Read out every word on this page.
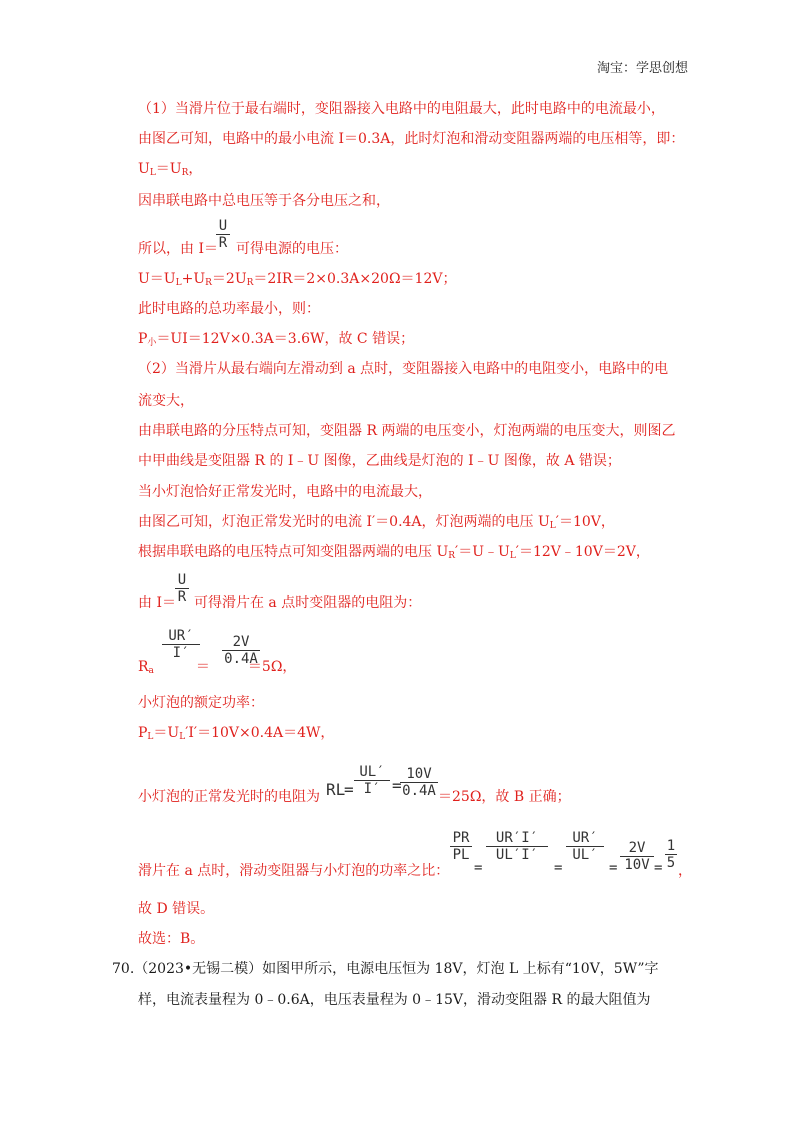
淘宝：学思创想
（1）当滑片位于最右端时，变阻器接入电路中的电阻最大，此时电路中的电流最小，
由图乙可知，电路中的最小电流 I＝0.3A，此时灯泡和滑动变阻器两端的电压相等，即：
$U_L=U_R$，
因串联电路中总电压等于各分电压之和，
$\frac{U}{R}$
所以，由 I＝ 可得电源的电压：
$U=U_L+U_R=2U_R=2IR=2\times 0.3A\times 20\Omega=12V$；
此时电路的总功率最小，则：
$P_小=UI=12V\times 0.3A=3.6W$，故 C 错误；
（2）当滑片从最右端向左滑动到 a 点时，变阻器接入电路中的电阻变小，电路中的电
流变大，
由串联电路的分压特点可知，变阻器 R 两端的电压变小，灯泡两端的电压变大，则图乙
中甲曲线是变阻器 R 的 I﹣U 图像，乙曲线是灯泡的 I﹣U 图像，故 A 错误；
当小灯泡恰好正常发光时，电路中的电流最大，
由图乙可知，灯泡正常发光时的电流 I′＝0.4A，灯泡两端的电压 $U_L'=10V$，
根据串联电路的电压特点可知变阻器两端的电压 $U_R'=U﹣U_L'=12V﹣10V=2V$，
$\frac{U}{R}$
由 I＝ 可得滑片在 a 点时变阻器的电阻为：
$\frac{UR'}{I'} \frac{2V}{0.4A}$
$R_a$	＝	＝5Ω，
小灯泡的额定功率：
$P_L=U_L'I'=10V\times 0.4A=4W$，
RL
= $\frac{UL'}{I'}$ =
$\frac{10V}{0.4A}$
小灯泡的正常发光时的电阻为	＝25Ω，故 B 正确；
$\frac{PR}{PL}$
=
$\frac{UR'I'}{UL'I'}$
=
$\frac{UR'}{UL'}$
= $\frac{2V}{10V} = \frac{1}{5}$
滑片在 a 点时，滑动变阻器与小灯泡的功率之比：	，
故 D 错误。
故选：B。
70.（2023•无锡二模）如图甲所示，电源电压恒为 18V，灯泡 L 上标有“10V，5W”字
样，电流表量程为 0﹣0.6A，电压表量程为 0﹣15V，滑动变阻器 R 的最大阻值为
